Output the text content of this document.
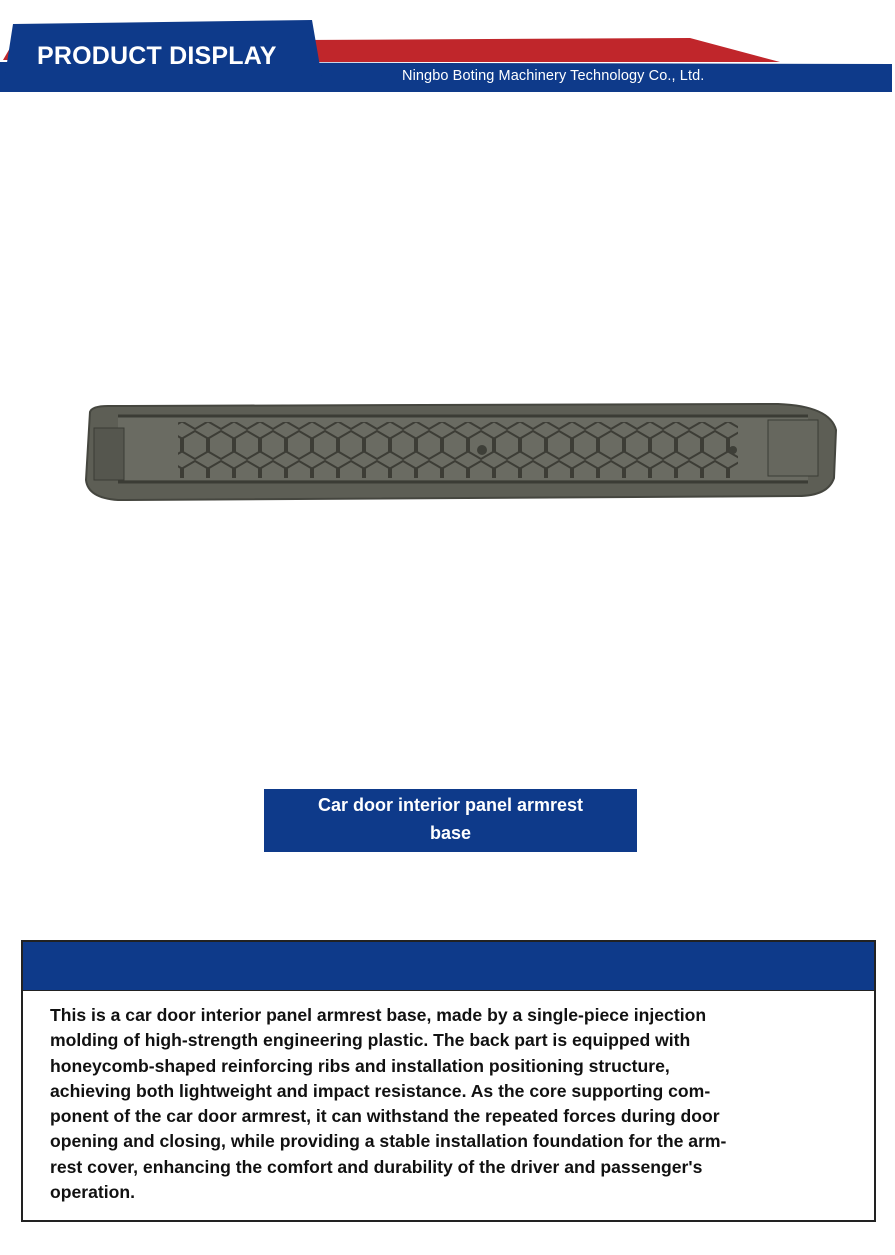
PRODUCT DISPLAY
Ningbo Boting Machinery Technology Co., Ltd.
Car door interior panel armrest
base

This is a car door interior panel armrest base, made by a single-piece injection
molding of high-strength engineering plastic. The back part is equipped with
honeycomb-shaped reinforcing ribs and installation positioning structure,
achieving both lightweight and impact resistance. As the core supporting com-
ponent of the car door armrest, it can withstand the repeated forces during door
opening and closing, while providing a stable installation foundation for the arm-
rest cover, enhancing the comfort and durability of the driver and passenger's
operation.
